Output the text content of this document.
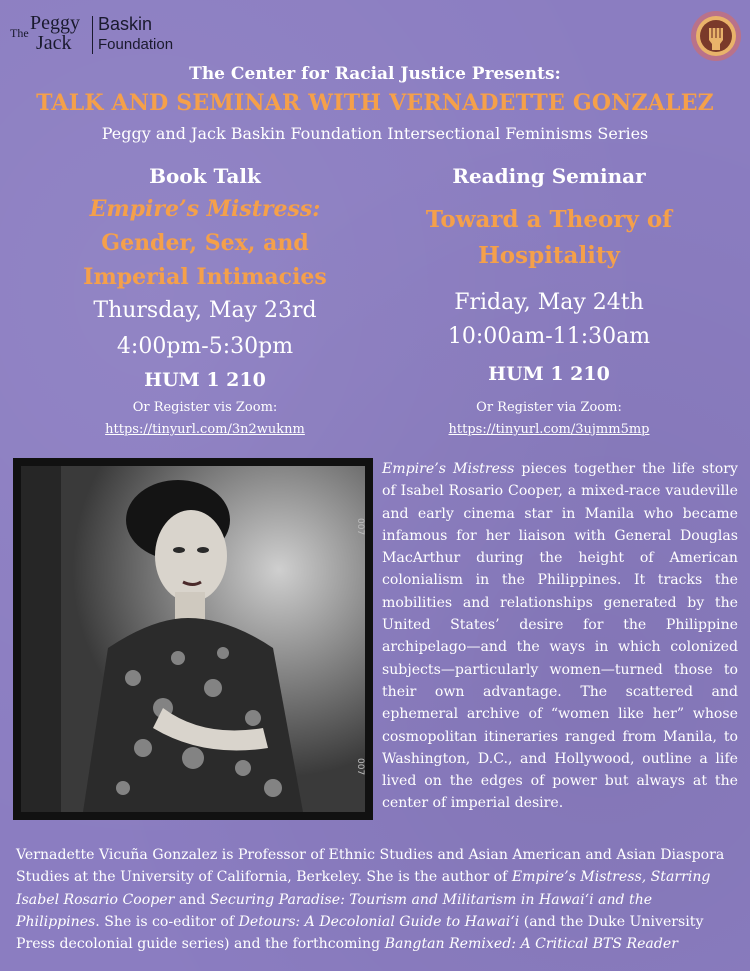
The Peggy
Jack
Baskin
Foundation
The Center for Racial Justice Presents:
TALK AND SEMINAR WITH VERNADETTE GONZALEZ
Peggy and Jack Baskin Foundation Intersectional Feminisms Series
Book Talk
Empire’s Mistress:
Gender, Sex, and
Imperial Intimacies
Thursday, May 23rd
4:00pm-5:30pm
HUM 1 210
Or Register vis Zoom:
https://tinyurl.com/3n2wuknm
Reading Seminar
Toward a Theory of
Hospitality
Friday, May 24th
10:00am-11:30am
HUM 1 210
Or Register via Zoom:
https://tinyurl.com/3ujmm5mp
007
007
Empire’s Mistress pieces together the life story of Isabel Rosario Cooper, a mixed-race vaudeville and early cinema star in Manila who became infamous for her liaison with General Douglas MacArthur during the height of American colonialism in the Philippines. It tracks the mobilities and relationships generated by the United States’ desire for the Philippine archipelago—and the ways in which colonized subjects—particularly women—turned those to their own advantage. The scattered and ephemeral archive of “women like her” whose cosmopolitan itineraries ranged from Manila, to Washington, D.C., and Hollywood, outline a life lived on the edges of power but always at the center of imperial desire.
Vernadette Vicuña Gonzalez is Professor of Ethnic Studies and Asian American and Asian Diaspora Studies at the University of California, Berkeley. She is the author of Empire’s Mistress, Starring Isabel Rosario Cooper and Securing Paradise: Tourism and Militarism in Hawai‘i and the Philippines. She is co-editor of Detours: A Decolonial Guide to Hawai‘i (and the Duke University Press decolonial guide series) and the forthcoming Bangtan Remixed: A Critical BTS Reader
